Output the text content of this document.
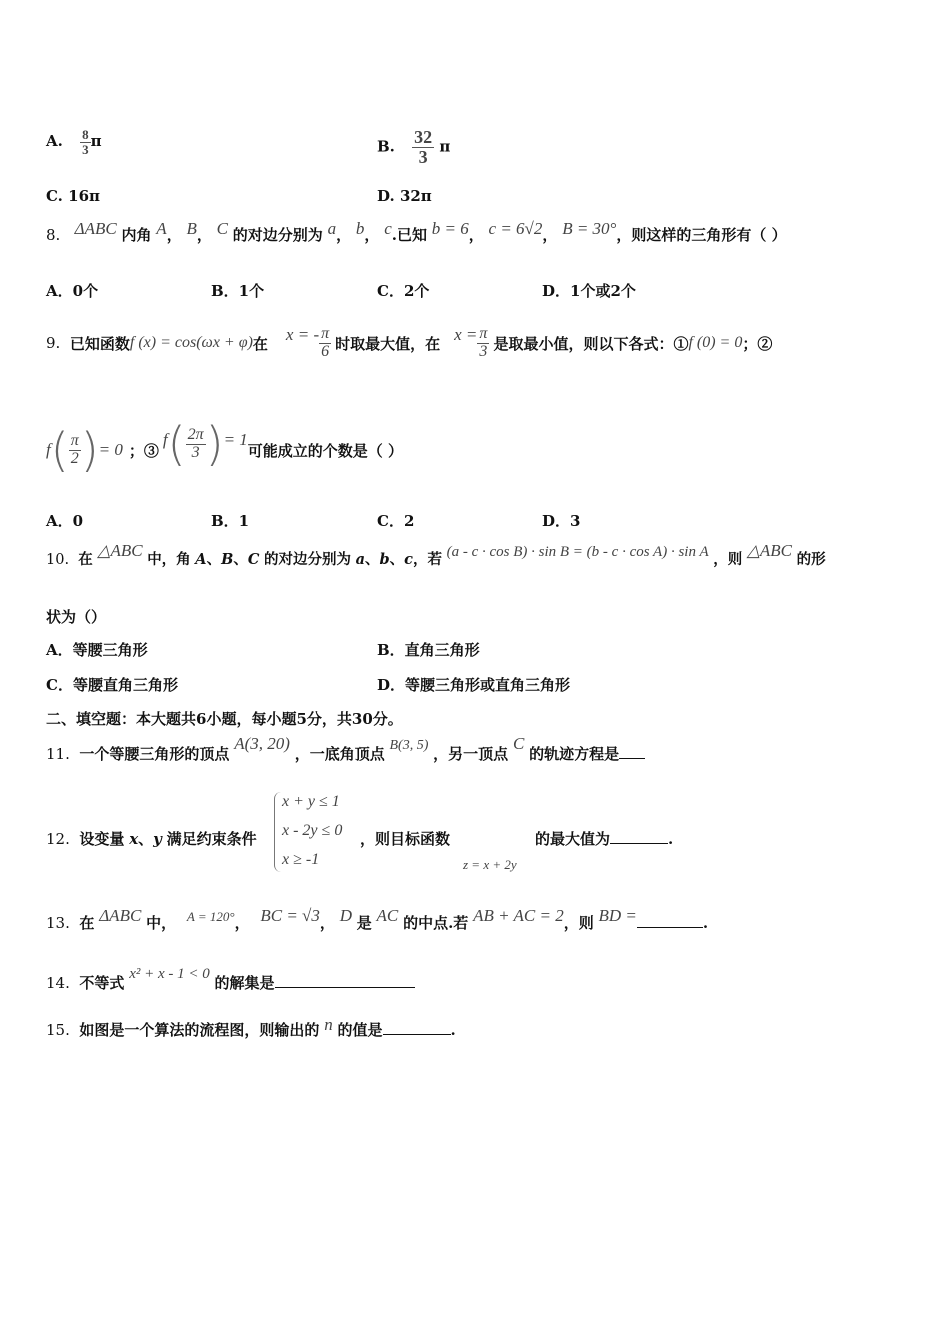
A. $\frac{8}{3}$ π	B. $\frac{32}{3}$ π
C. 16π	D. 32π
8. ΔABC 内角 A， B， C 的对边分别为 a， b， c.已知 b = 6， c = 6√2， B = 30°，则这样的三角形有（ ）
A．0个	B．1个	C．2个	D．1个或2个
9.
已知函数 f (x) = cos(ωx + φ) 在 x = - $\frac{\pi}{6}$ 时取最大值，在 $x = \frac{\pi}{3}$ 是取最小值，则以下各式：① f (0) = 0 ；②
f ( $\frac{\pi}{2}$ ) = 0 ；③
f ( $\frac{2\pi}{3}$ ) = 1
可能成立的个数是（ ）
A．0	B．1	C．2	D．3
10. 在 △ABC 中，角 A、B、C 的对边分别为 a、b、c，若 (a - c · cos B) · sin B = (b - c · cos A) · sin A ，则 △ABC 的形
状为（）
A．等腰三角形	B．直角三角形
C．等腰直角三角形	D．等腰三角形或直角三角形
二、填空题：本大题共6小题，每小题5分，共30分。
11. 一个等腰三角形的顶点 A(3, 20) ，一底角顶点 B(3, 5) ，另一顶点 C 的轨迹方程是
12. 设变量 x、y 满足约束条件
x + y ≤ 1
x - 2y ≤ 0
x ≥ -1
，则目标函数
z = x + 2y
的最大值为	.
13. 在 ΔABC 中， A = 120°， BC = √3， D 是 AC 的中点.若 AB + AC = 2，则 BD =	.
14. 不等式 x² + x - 1 < 0 的解集是
15. 如图是一个算法的流程图，则输出的 n 的值是	.
